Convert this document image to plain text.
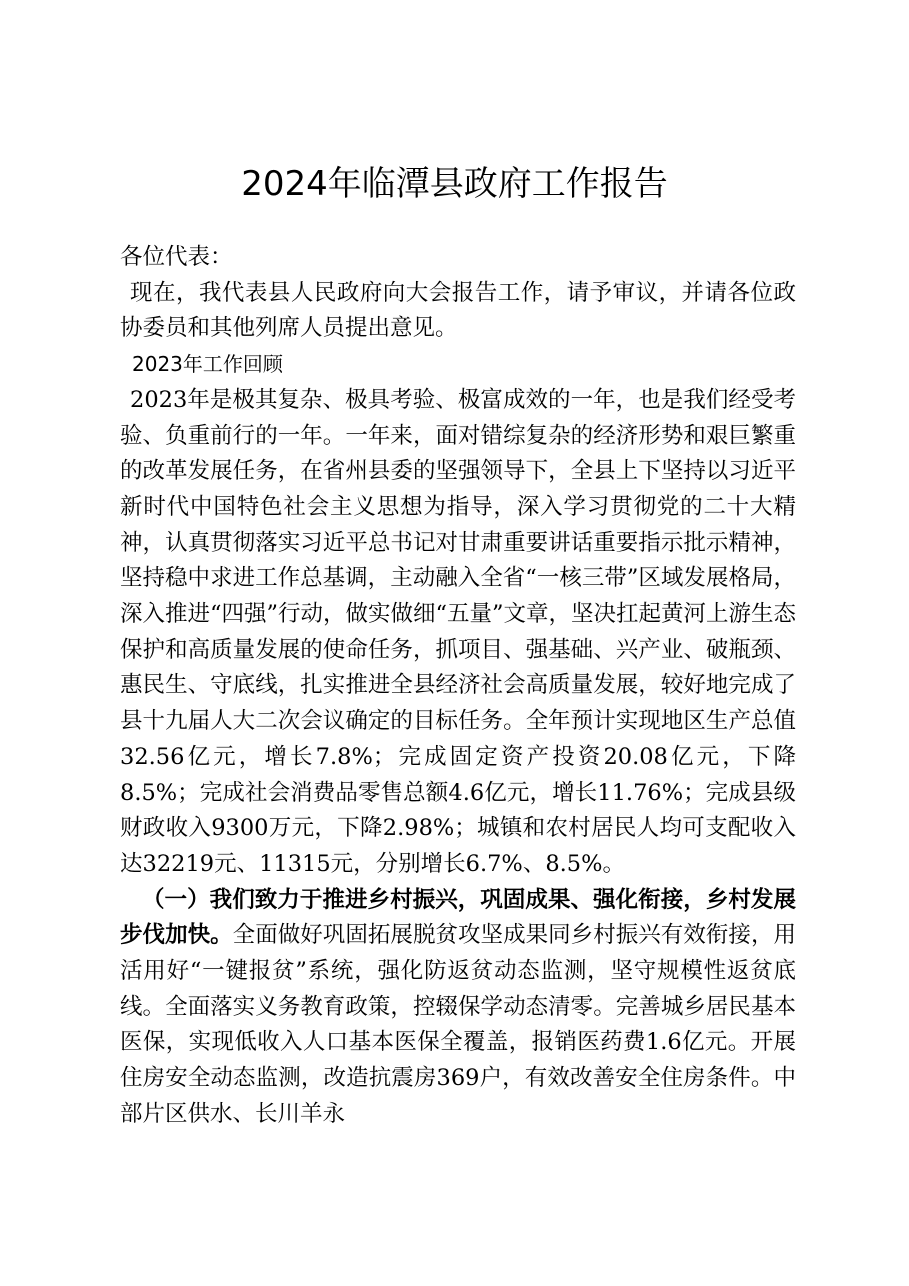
2024年临潭县政府工作报告

各位代表：

现在，我代表县人民政府向大会报告工作，请予审议，并请各位政协委员和其他列席人员提出意见。

2023年工作回顾

2023年是极其复杂、极具考验、极富成效的一年，也是我们经受考验、负重前行的一年。一年来，面对错综复杂的经济形势和艰巨繁重的改革发展任务，在省州县委的坚强领导下，全县上下坚持以习近平新时代中国特色社会主义思想为指导，深入学习贯彻党的二十大精神，认真贯彻落实习近平总书记对甘肃重要讲话重要指示批示精神，坚持稳中求进工作总基调，主动融入全省“一核三带”区域发展格局，深入推进“四强”行动，做实做细“五量”文章，坚决扛起黄河上游生态保护和高质量发展的使命任务，抓项目、强基础、兴产业、破瓶颈、惠民生、守底线，扎实推进全县经济社会高质量发展，较好地完成了县十九届人大二次会议确定的目标任务。全年预计实现地区生产总值32.56亿元，增长7.8%；完成固定资产投资20.08亿元，下降8.5%；完成社会消费品零售总额4.6亿元，增长11.76%；完成县级财政收入9300万元，下降2.98%；城镇和农村居民人均可支配收入达32219元、11315元，分别增长6.7%、8.5%。

（一）我们致力于推进乡村振兴，巩固成果、强化衔接，乡村发展步伐加快。全面做好巩固拓展脱贫攻坚成果同乡村振兴有效衔接，用活用好“一键报贫”系统，强化防返贫动态监测，坚守规模性返贫底线。全面落实义务教育政策，控辍保学动态清零。完善城乡居民基本医保，实现低收入人口基本医保全覆盖，报销医药费1.6亿元。开展住房安全动态监测，改造抗震房369户，有效改善安全住房条件。中部片区供水、长川羊永
